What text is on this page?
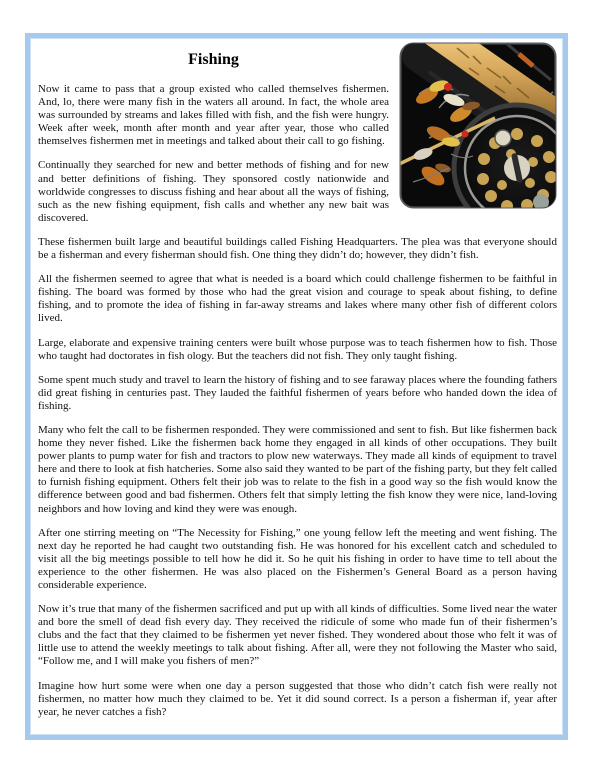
Fishing

Now it came to pass that a group existed who called themselves fishermen. And, lo, there were many fish in the waters all around. In fact, the whole area was surrounded by streams and lakes filled with fish, and the fish were hungry. Week after week, month after month and year after year, those who called themselves fishermen met in meetings and talked about their call to go fishing.

Continually they searched for new and better methods of fishing and for new and better definitions of fishing. They sponsored costly nationwide and worldwide congresses to discuss fishing and hear about all the ways of fishing, such as the new fishing equipment, fish calls and whether any new bait was discovered.

These fishermen built large and beautiful buildings called Fishing Headquarters. The plea was that everyone should be a fisherman and every fisherman should fish. One thing they didn’t do; however, they didn’t fish.

All the fishermen seemed to agree that what is needed is a board which could challenge fishermen to be faithful in fishing. The board was formed by those who had the great vision and courage to speak about fishing, to define fishing, and to promote the idea of fishing in far-away streams and lakes where many other fish of different colors lived.

Large, elaborate and expensive training centers were built whose purpose was to teach fishermen how to fish. Those who taught had doctorates in fish ology. But the teachers did not fish. They only taught fishing.

Some spent much study and travel to learn the history of fishing and to see faraway places where the founding fathers did great fishing in centuries past. They lauded the faithful fishermen of years before who handed down the idea of fishing.

Many who felt the call to be fishermen responded. They were commissioned and sent to fish. But like fishermen back home they never fished. Like the fishermen back home they engaged in all kinds of other occupations. They built power plants to pump water for fish and tractors to plow new waterways. They made all kinds of equipment to travel here and there to look at fish hatcheries. Some also said they wanted to be part of the fishing party, but they felt called to furnish fishing equipment. Others felt their job was to relate to the fish in a good way so the fish would know the difference between good and bad fishermen. Others felt that simply letting the fish know they were nice, land-loving neighbors and how loving and kind they were was enough.

After one stirring meeting on “The Necessity for Fishing,” one young fellow left the meeting and went fishing. The next day he reported he had caught two outstanding fish. He was honored for his excellent catch and scheduled to visit all the big meetings possible to tell how he did it. So he quit his fishing in order to have time to tell about the experience to the other fishermen. He was also placed on the Fishermen’s General Board as a person having considerable experience.

Now it’s true that many of the fishermen sacrificed and put up with all kinds of difficulties. Some lived near the water and bore the smell of dead fish every day. They received the ridicule of some who made fun of their fishermen’s clubs and the fact that they claimed to be fishermen yet never fished. They wondered about those who felt it was of little use to attend the weekly meetings to talk about fishing. After all, were they not following the Master who said, “Follow me, and I will make you fishers of men?”

Imagine how hurt some were when one day a person suggested that those who didn’t catch fish were really not fishermen, no matter how much they claimed to be. Yet it did sound correct. Is a person a fisherman if, year after year, he never catches a fish?
